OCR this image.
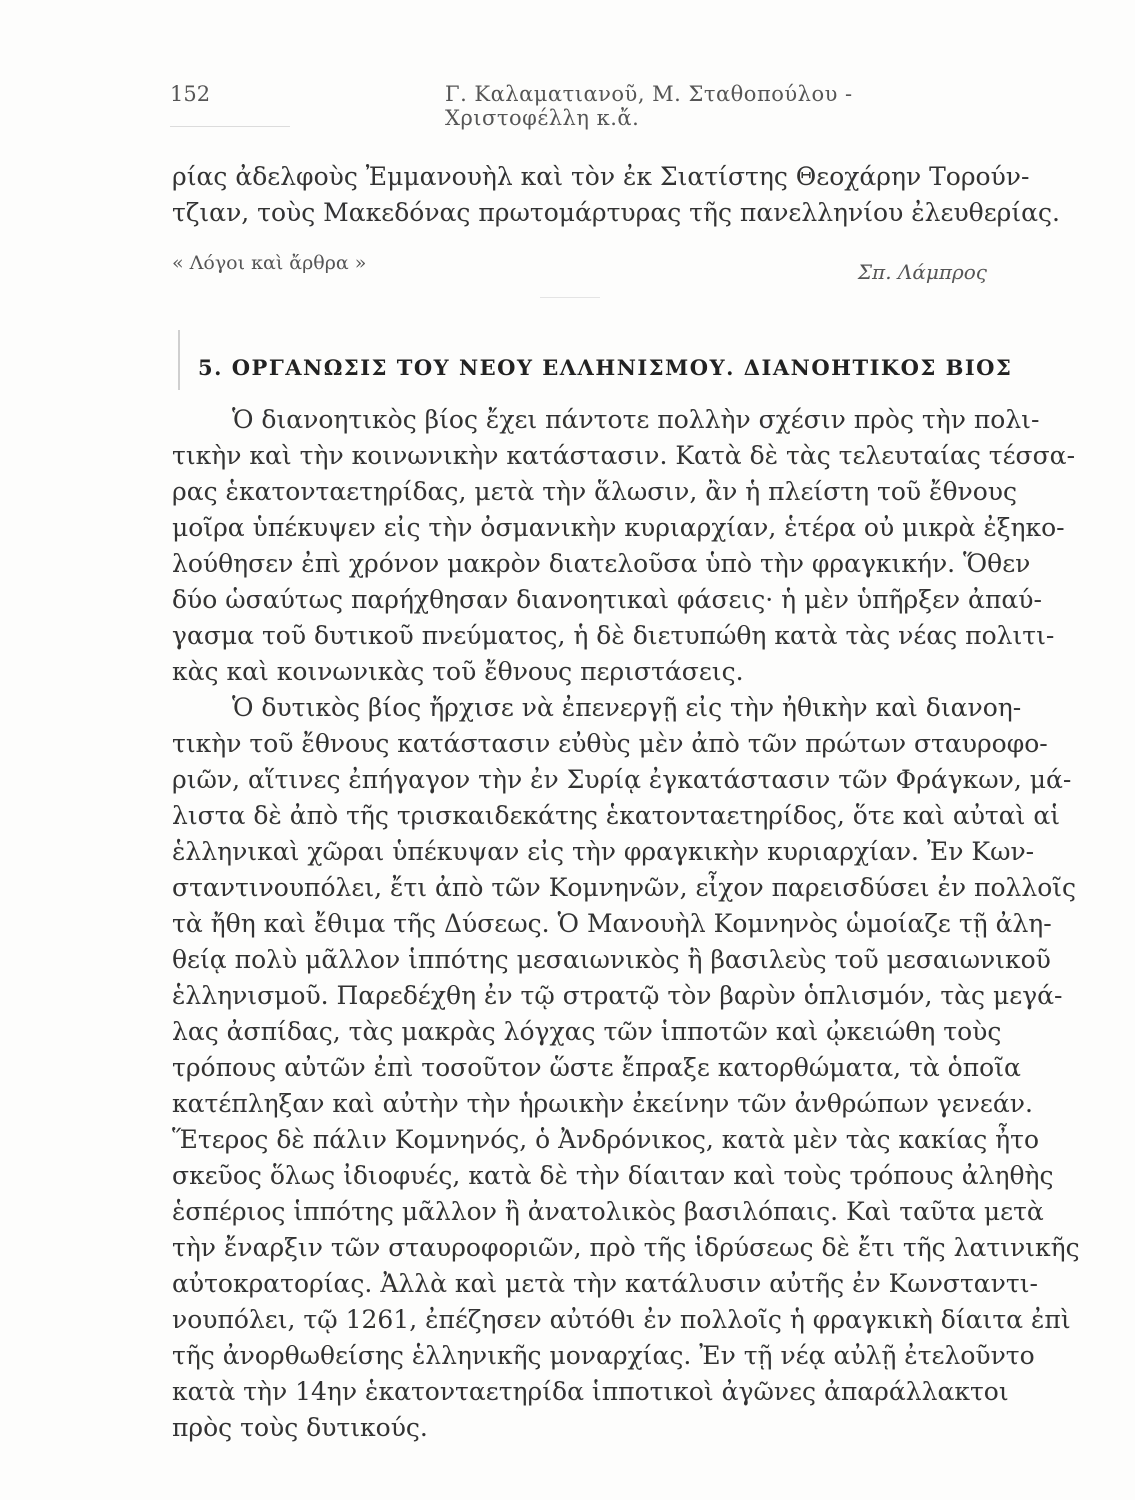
152	Γ. Καλαματιανοῦ, Μ. Σταθοπούλου - Χριστοφέλλη κ.ἄ.
ρίας ἀδελφοὺς Ἐμμανουὴλ καὶ τὸν ἐκ Σιατίστης Θεοχάρην Τορούν-
τζιαν, τοὺς Μακεδόνας πρωτομάρτυρας τῆς πανελληνίου ἐλευθερίας.
« Λόγοι καὶ ἄρθρα »	Σπ. Λάμπρος
5. ΟΡΓΑΝΩΣΙΣ ΤΟΥ ΝΕΟΥ ΕΛΛΗΝΙΣΜΟΥ. ΔΙΑΝΟΗΤΙΚΟΣ ΒΙΟΣ
Ὁ διανοητικὸς βίος ἔχει πάντοτε πολλὴν σχέσιν πρὸς τὴν πολι-
τικὴν καὶ τὴν κοινωνικὴν κατάστασιν. Κατὰ δὲ τὰς τελευταίας τέσσα-
ρας ἑκατονταετηρίδας, μετὰ τὴν ἅλωσιν, ἂν ἡ πλείστη τοῦ ἔθνους
μοῖρα ὑπέκυψεν εἰς τὴν ὀσμανικὴν κυριαρχίαν, ἑτέρα οὐ μικρὰ ἐξηκο-
λούθησεν ἐπὶ χρόνον μακρὸν διατελοῦσα ὑπὸ τὴν φραγκικήν. Ὅθεν
δύο ὡσαύτως παρήχθησαν διανοητικαὶ φάσεις· ἡ μὲν ὑπῆρξεν ἀπαύ-
γασμα τοῦ δυτικοῦ πνεύματος, ἡ δὲ διετυπώθη κατὰ τὰς νέας πολιτι-
κὰς καὶ κοινωνικὰς τοῦ ἔθνους περιστάσεις.
Ὁ δυτικὸς βίος ἤρχισε νὰ ἐπενεργῇ εἰς τὴν ἠθικὴν καὶ διανοη-
τικὴν τοῦ ἔθνους κατάστασιν εὐθὺς μὲν ἀπὸ τῶν πρώτων σταυροφο-
ριῶν, αἵτινες ἐπήγαγον τὴν ἐν Συρίᾳ ἐγκατάστασιν τῶν Φράγκων, μά-
λιστα δὲ ἀπὸ τῆς τρισκαιδεκάτης ἑκατονταετηρίδος, ὅτε καὶ αὐταὶ αἱ
ἑλληνικαὶ χῶραι ὑπέκυψαν εἰς τὴν φραγκικὴν κυριαρχίαν. Ἐν Κων-
σταντινουπόλει, ἔτι ἀπὸ τῶν Κομνηνῶν, εἶχον παρεισδύσει ἐν πολλοῖς
τὰ ἤθη καὶ ἔθιμα τῆς Δύσεως. Ὁ Μανουὴλ Κομνηνὸς ὡμοίαζε τῇ ἀλη-
θείᾳ πολὺ μᾶλλον ἱππότης μεσαιωνικὸς ἢ βασιλεὺς τοῦ μεσαιωνικοῦ
ἑλληνισμοῦ. Παρεδέχθη ἐν τῷ στρατῷ τὸν βαρὺν ὁπλισμόν, τὰς μεγά-
λας ἀσπίδας, τὰς μακρὰς λόγχας τῶν ἱπποτῶν καὶ ᾠκειώθη τοὺς
τρόπους αὐτῶν ἐπὶ τοσοῦτον ὥστε ἔπραξε κατορθώματα, τὰ ὁποῖα
κατέπληξαν καὶ αὐτὴν τὴν ἡρωικὴν ἐκείνην τῶν ἀνθρώπων γενεάν.
Ἕτερος δὲ πάλιν Κομνηνός, ὁ Ἀνδρόνικος, κατὰ μὲν τὰς κακίας ἦτο
σκεῦος ὅλως ἰδιοφυές, κατὰ δὲ τὴν δίαιταν καὶ τοὺς τρόπους ἀληθὴς
ἑσπέριος ἱππότης μᾶλλον ἢ ἀνατολικὸς βασιλόπαις. Καὶ ταῦτα μετὰ
τὴν ἔναρξιν τῶν σταυροφοριῶν, πρὸ τῆς ἱδρύσεως δὲ ἔτι τῆς λατινικῆς
αὐτοκρατορίας. Ἀλλὰ καὶ μετὰ τὴν κατάλυσιν αὐτῆς ἐν Κωνσταντι-
νουπόλει, τῷ 1261, ἐπέζησεν αὐτόθι ἐν πολλοῖς ἡ φραγκικὴ δίαιτα ἐπὶ
τῆς ἀνορθωθείσης ἑλληνικῆς μοναρχίας. Ἐν τῇ νέᾳ αὐλῇ ἐτελοῦντο
κατὰ τὴν 14ην ἑκατονταετηρίδα ἱπποτικοὶ ἀγῶνες ἀπαράλλακτοι
πρὸς τοὺς δυτικούς.
